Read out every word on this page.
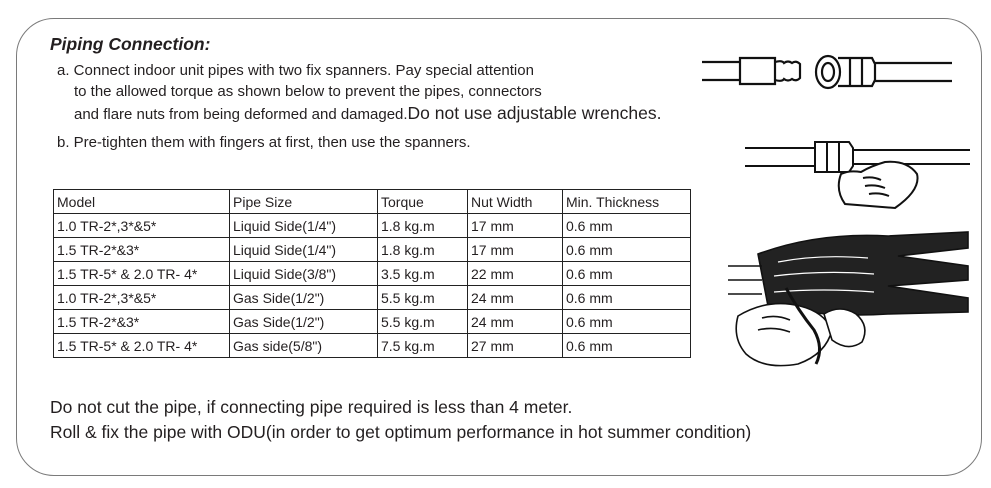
Piping Connection:
a. Connect indoor unit pipes with two fix spanners. Pay special attention
to the allowed torque as shown below to prevent the pipes, connectors
and flare nuts from being deformed and damaged.Do not use adjustable wrenches.
b. Pre-tighten them with fingers at first, then use the spanners.
Model	Pipe Size	Torque	Nut Width	Min. Thickness
1.0 TR-2*,3*&5*	Liquid Side(1/4")	1.8 kg.m	17 mm	0.6 mm
1.5 TR-2*&3*	Liquid Side(1/4")	1.8 kg.m	17 mm	0.6 mm
1.5 TR-5* & 2.0 TR- 4*	Liquid Side(3/8")	3.5 kg.m	22 mm	0.6 mm
1.0 TR-2*,3*&5*	Gas Side(1/2")	5.5 kg.m	24 mm	0.6 mm
1.5 TR-2*&3*	Gas Side(1/2")	5.5 kg.m	24 mm	0.6 mm
1.5 TR-5* & 2.0 TR- 4*	Gas side(5/8")	7.5 kg.m	27 mm	0.6 mm
Do not cut the pipe, if connecting pipe required is less than 4 meter.
Roll & fix the pipe with ODU(in order to get optimum performance in hot summer condition)
